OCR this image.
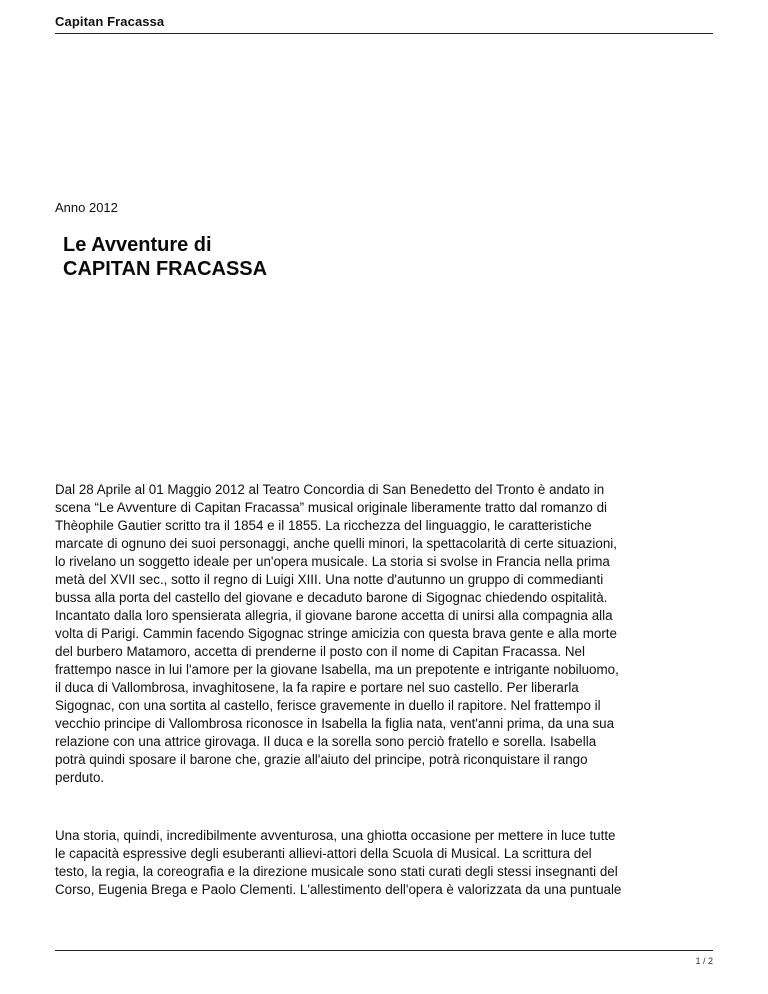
Capitan Fracassa
Anno 2012
Le Avventure di
CAPITAN FRACASSA
Dal 28 Aprile al 01 Maggio 2012 al Teatro Concordia di San Benedetto del Tronto è andato in
scena “Le Avventure di Capitan Fracassa” musical originale liberamente tratto dal romanzo di
Thèophile Gautier scritto tra il 1854 e il 1855. La ricchezza del linguaggio, le caratteristiche
marcate di ognuno dei suoi personaggi, anche quelli minori, la spettacolarità di certe situazioni,
lo rivelano un soggetto ideale per un'opera musicale. La storia si svolse in Francia nella prima
metà del XVII sec., sotto il regno di Luigi XIII. Una notte d'autunno un gruppo di commedianti
bussa alla porta del castello del giovane e decaduto barone di Sigognac chiedendo ospitalità.
Incantato dalla loro spensierata allegria, il giovane barone accetta di unirsi alla compagnia alla
volta di Parigi. Cammin facendo Sigognac stringe amicizia con questa brava gente e alla morte
del burbero Matamoro, accetta di prenderne il posto con il nome di Capitan Fracassa. Nel
frattempo nasce in lui l'amore per la giovane Isabella, ma un prepotente e intrigante nobiluomo,
il duca di Vallombrosa, invaghitosene, la fa rapire e portare nel suo castello. Per liberarla
Sigognac, con una sortita al castello, ferisce gravemente in duello il rapitore. Nel frattempo il
vecchio principe di Vallombrosa riconosce in Isabella la figlia nata, vent'anni prima, da una sua
relazione con una attrice girovaga. Il duca e la sorella sono perciò fratello e sorella. Isabella
potrà quindi sposare il barone che, grazie all'aiuto del principe, potrà riconquistare il rango
perduto.
Una storia, quindi, incredibilmente avventurosa, una ghiotta occasione per mettere in luce tutte
le capacità espressive degli esuberanti allievi-attori della Scuola di Musical. La scrittura del
testo, la regia, la coreografia e la direzione musicale sono stati curati degli stessi insegnanti del
Corso, Eugenia Brega e Paolo Clementi. L'allestimento dell'opera è valorizzata da una puntuale
1 / 2
